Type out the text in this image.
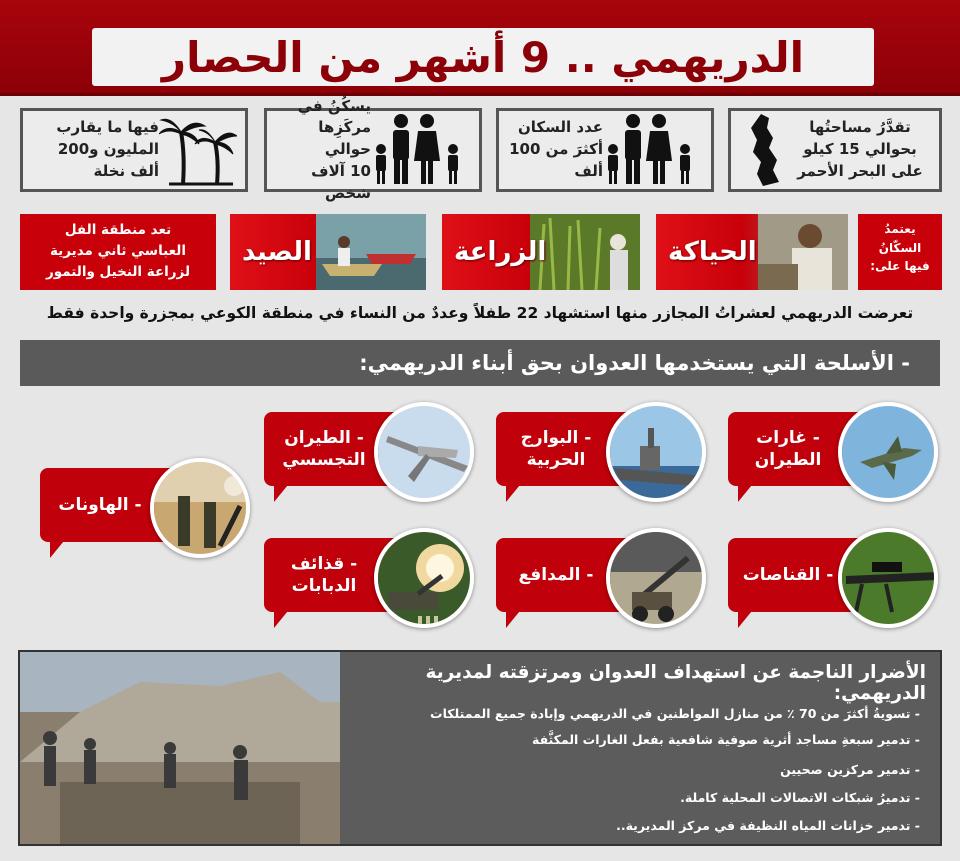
الدريهمي .. 9 أشهر من الحصار
تقدَّرُ مساحتُها
بحوالي 15 كيلو
على البحر الأحمر
عدد السكان
أكثرَ من 100
ألف
يسكُنُ في
مركَزِها حوالي
10 آلاف شخص
فيها ما يقارب
المليون و200
ألف نخلة
يعتمدُ
السكّانُ
فيها على:
الحياكة
الزراعة
الصيد
تعد منطقة الفل
العباسي ثاني مديرية
لزراعة النخيل والتمور
تعرضت الدريهمي لعشراتُ المجازر منها استشهاد 22 طفلاً وعددٌ من النساء في منطقة الكوعي بمجزرة واحدة فقط
- الأسلحة التي يستخدمها العدوان بحق أبناء الدريهمي:
- غارات
الطيران
- البوارج
الحربية
- الطيران
التجسسي
- الهاونات
- القناصات
- المدافع
- قذائف
الدبابات
الأضرار الناجمة عن استهداف العدوان ومرتزقته لمديرية الدريهمي:
- تسويةُ أكثرَ من 70 ٪ من منازل المواطنين في الدريهمي وإبادة جميع الممتلكات
- تدمير سبعةِ مساجد أثرية صوفية شافعية بفعل الغارات المكثَّفة
- تدمير مركزين صحيين
- تدميرُ شبكات الاتصالات المحلية كاملة.
- تدمير خزانات المياه النظيفة في مركز المديرية..
